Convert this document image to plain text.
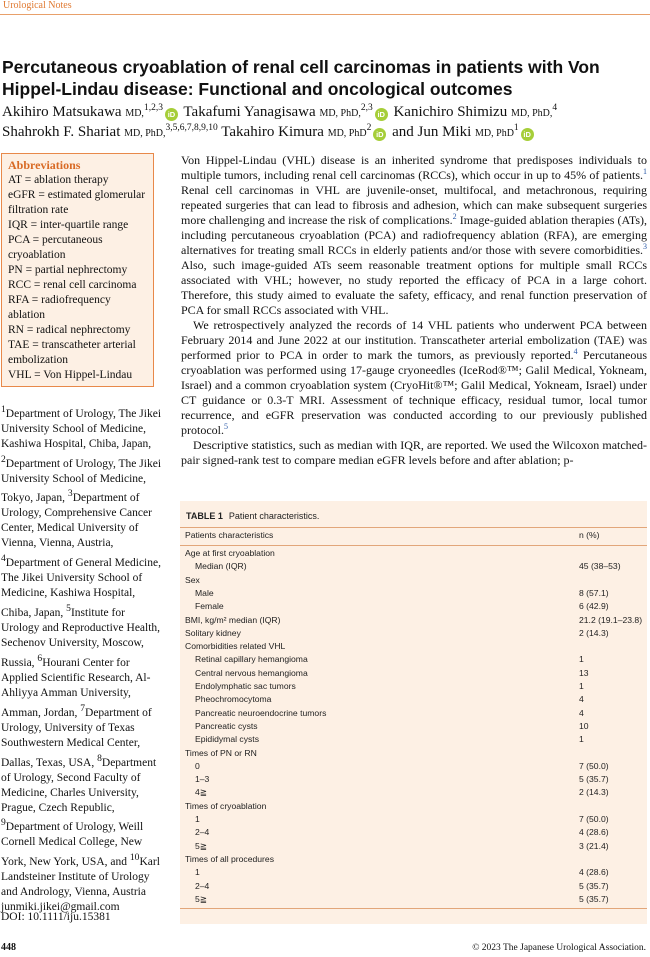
Urological Notes
Percutaneous cryoablation of renal cell carcinomas in patients with Von Hippel-Lindau disease: Functional and oncological outcomes
Akihiro Matsukawa MD,$^{1,2,3}$iD Takafumi Yanagisawa MD, PhD,$^{2,3}$iD Kanichiro Shimizu MD, PhD,$^4$
Shahrokh F. Shariat MD, PhD,$^{3,5,6,7,8,9,10}$ Takahiro Kimura MD, PhD$^2$iD and Jun Miki MD, PhD$^1$iD
Abbreviations
AT = ablation therapy
eGFR = estimated glomerular filtration rate
IQR = inter-quartile range
PCA = percutaneous cryoablation
PN = partial nephrectomy
RCC = renal cell carcinoma
RFA = radiofrequency ablation
RN = radical nephrectomy
TAE = transcatheter arterial embolization
VHL = Von Hippel-Lindau
$^1$Department of Urology, The Jikei University School of Medicine, Kashiwa Hospital, Chiba, Japan, $^2$Department of Urology, The Jikei University School of Medicine, Tokyo, Japan, $^3$Department of Urology, Comprehensive Cancer Center, Medical University of Vienna, Vienna, Austria, $^4$Department of General Medicine, The Jikei University School of Medicine, Kashiwa Hospital, Chiba, Japan, $^5$Institute for Urology and Reproductive Health, Sechenov University, Moscow, Russia, $^6$Hourani Center for Applied Scientific Research, Al-Ahliyya Amman University, Amman, Jordan, $^7$Department of Urology, University of Texas Southwestern Medical Center, Dallas, Texas, USA, $^8$Department of Urology, Second Faculty of Medicine, Charles University, Prague, Czech Republic, $^9$Department of Urology, Weill Cornell Medical College, New York, New York, USA, and $^{10}$Karl Landsteiner Institute of Urology and Andrology, Vienna, Austria
junmiki.jikei@gmail.com
DOI: 10.1111/iju.15381

Von Hippel-Lindau (VHL) disease is an inherited syndrome that predisposes individuals to multiple tumors, including renal cell carcinomas (RCCs), which occur in up to 45% of patients.$^1$ Renal cell carcinomas in VHL are juvenile-onset, multifocal, and metachronous, requiring repeated surgeries that can lead to fibrosis and adhesion, which can make subsequent surgeries more challenging and increase the risk of complications.$^2$ Image-guided ablation therapies (ATs), including percutaneous cryoablation (PCA) and radiofrequency ablation (RFA), are emerging alternatives for treating small RCCs in elderly patients and/or those with severe comorbidities.$^3$ Also, such image-guided ATs seem reasonable treatment options for multiple small RCCs associated with VHL; however, no study reported the efficacy of PCA in a large cohort. Therefore, this study aimed to evaluate the safety, efficacy, and renal function preservation of PCA for small RCCs associated with VHL.

We retrospectively analyzed the records of 14 VHL patients who underwent PCA between February 2014 and June 2022 at our institution. Transcatheter arterial embolization (TAE) was performed prior to PCA in order to mark the tumors, as previously reported.$^4$ Percutaneous cryoablation was performed using 17-gauge cryoneedles (IceRod®™; Galil Medical, Yokneam, Israel) and a common cryoablation system (CryoHit®™; Galil Medical, Yokneam, Israel) under CT guidance or 0.3-T MRI. Assessment of technique efficacy, residual tumor, local tumor recurrence, and eGFR preservation was conducted according to our previously published protocol.$^5$

Descriptive statistics, such as median with IQR, are reported. We used the Wilcoxon matched-pair signed-rank test to compare median eGFR levels before and after ablation; p-

TABLE 1 Patient characteristics.
Patients characteristics	n (%)
Age at first cryoablation
Median (IQR)	45 (38–53)
Sex
Male	8 (57.1)
Female	6 (42.9)
BMI, kg/m² median (IQR)	21.2 (19.1–23.8)
Solitary kidney	2 (14.3)
Comorbidities related VHL
Retinal capillary hemangioma	1
Central nervous hemangioma	13
Endolymphatic sac tumors	1
Pheochromocytoma	4
Pancreatic neuroendocrine tumors	4
Pancreatic cysts	10
Epididymal cysts	1
Times of PN or RN
0	7 (50.0)
1–3	5 (35.7)
4≧	2 (14.3)
Times of cryoablation
1	7 (50.0)
2–4	4 (28.6)
5≧	3 (21.4)
Times of all procedures
1	4 (28.6)
2–4	5 (35.7)
5≧	5 (35.7)
448	© 2023 The Japanese Urological Association.
